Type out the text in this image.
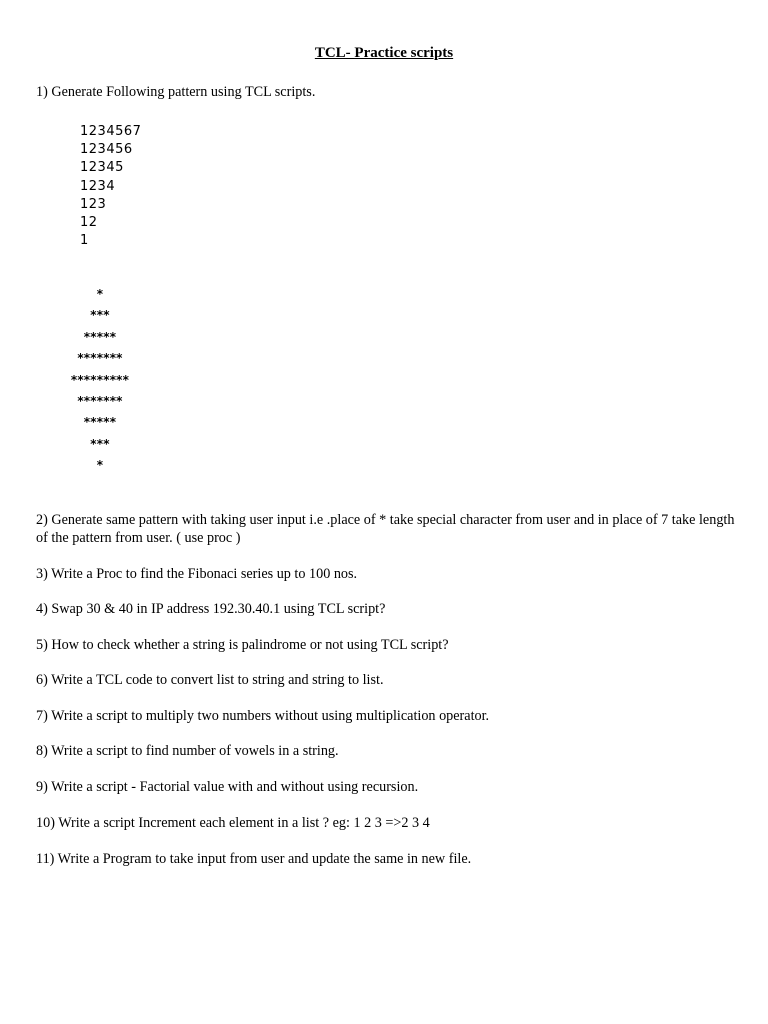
TCL- Practice scripts

1) Generate Following pattern using TCL scripts.

1234567
123456
12345
1234
123
12
1
*
***
*****
*******
*********
*******
*****
***
*

2) Generate same pattern with taking user input i.e .place of * take special character from user and in place of 7 take length of the pattern from user. ( use proc )

3) Write a Proc to find the Fibonaci series up to 100 nos.

4) Swap 30 & 40 in IP address 192.30.40.1 using TCL script?

5) How to check whether a string is palindrome or not using TCL script?

6) Write a TCL code to convert list to string and string to list.

7) Write a script to multiply two numbers without using multiplication operator.

8) Write a script to find number of vowels in a string.

9) Write a script - Factorial value with and without using recursion.

10) Write a script Increment each element in a list ? eg: 1 2 3 =>2 3 4

11) Write a Program to take input from user and update the same in new file.
